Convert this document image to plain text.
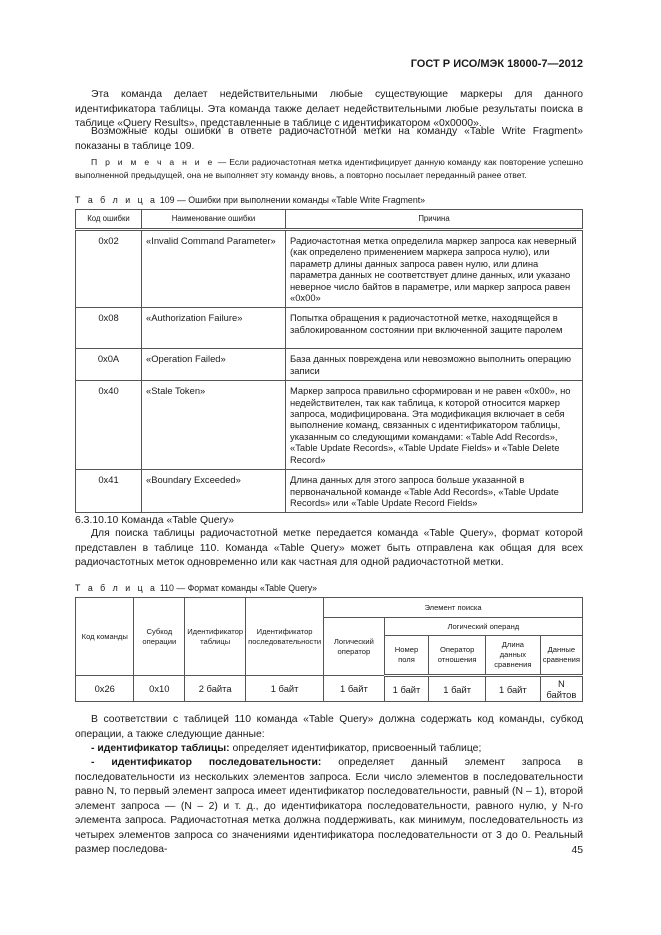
ГОСТ Р ИСО/МЭК 18000-7—2012

Эта команда делает недействительными любые существующие маркеры для данного идентификатора таблицы. Эта команда также делает недействительными любые результаты поиска в таблице «Query Results», представленные в таблице с идентификатором «0x0000».

Возможные коды ошибки в ответе радиочастотной метки на команду «Table Write Fragment» показаны в таблице 109.

П р и м е ч а н и е — Если радиочастотная метка идентифицирует данную команду как повторение успешно выполненной предыдущей, она не выполняет эту команду вновь, а повторно посылает переданный ранее ответ.

Т а б л и ц а 109 — Ошибки при выполнении команды «Table Write Fragment»
Код ошибки	Наименование ошибки	Причина
0x02	«Invalid Command Parameter»	Радиочастотная метка определила маркер запроса как неверный (как определено применением маркера запроса нулю), или параметр длины данных запроса равен нулю, или длина параметра данных не соответствует длине данных, или указано неверное число байтов в параметре, или маркер запроса равен «0x00»
0x08	«Authorization Failure»	Попытка обращения к радиочастотной метке, находящейся в заблокированном состоянии при включенной защите паролем
0x0A	«Operation Failed»	База данных повреждена или невозможно выполнить операцию записи
0x40	«Stale Token»	Маркер запроса правильно сформирован и не равен «0x00», но недействителен, так как таблица, к которой относится маркер запроса, модифицирована. Эта модификация включает в себя выполнение команд, связанных с идентификатором таблицы, указанным со следующими командами: «Table Add Records», «Table Update Records», «Table Update Fields» и «Table Delete Record»
0x41	«Boundary Exceeded»	Длина данных для этого запроса больше указанной в первоначальной команде «Table Add Records», «Table Update Records» или «Table Update Record Fields»

6.3.10.10 Команда «Table Query»

Для поиска таблицы радиочастотной метке передается команда «Table Query», формат которой представлен в таблице 110. Команда «Table Query» может быть отправлена как общая для всех радиочастотных меток одновременно или как частная для одной радиочастотной метки.

Т а б л и ц а 110 — Формат команды «Table Query»
Код команды	Субкод операции	Идентификатор таблицы	Идентификатор последовательности	Элемент поиска				
				Логический оператор	Логический операнд			
					Номер поля	Оператор отношения	Длина данных сравнения	Данные сравнения
0x26	0x10	2 байта	1 байт	1 байт	1 байт	1 байт	1 байт	N байтов

В соответствии с таблицей 110 команда «Table Query» должна содержать код команды, субкод операции, а также следующие данные:

- идентификатор таблицы: определяет идентификатор, присвоенный таблице;

- идентификатор последовательности: определяет данный элемент запроса в последовательности из нескольких элементов запроса. Если число элементов в последовательности равно N, то первый элемент запроса имеет идентификатор последовательности, равный (N – 1), второй элемент запроса — (N – 2) и т. д., до идентификатора последовательности, равного нулю, у N-го элемента запроса. Радиочастотная метка должна поддерживать, как минимум, последовательность из четырех элементов запроса со значениями идентификатора последовательности от 3 до 0. Реальный размер последова-	45
